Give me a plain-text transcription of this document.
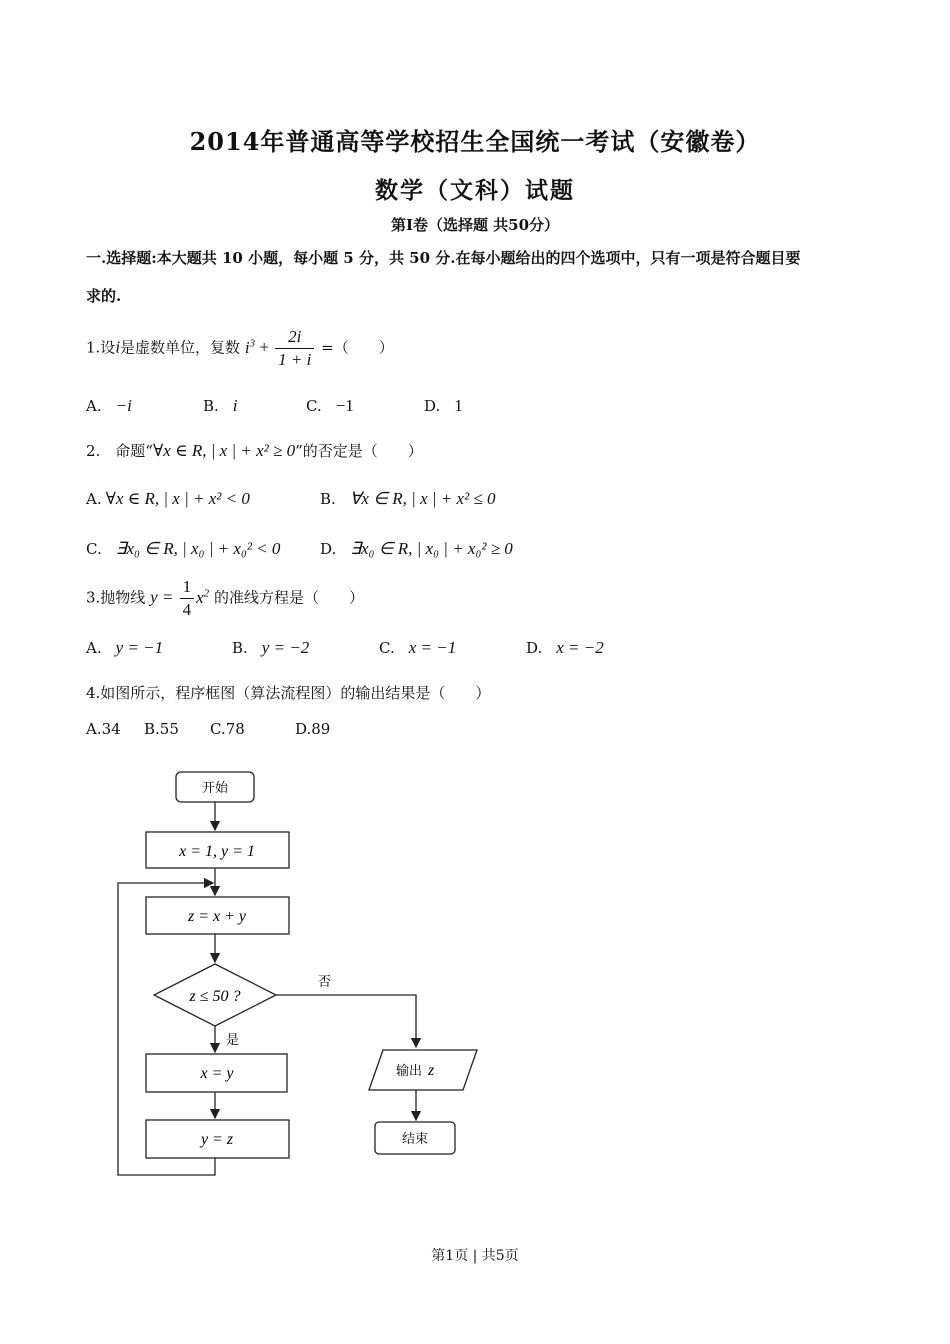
2014年普通高等学校招生全国统一考试（安徽卷）
数学（文科）试题
第Ⅰ卷（选择题 共50分）
一.选择题:本大题共 10 小题，每小题 5 分，共 50 分.在每小题给出的四个选项中，只有一项是符合题目要
求的.
1.设i是虚数单位，复数 $i^3 + \frac{2i}{1 + i}$ =（　　）
A. −i	B. i	C. −1	D. 1
2.　命题“∀x ∈ R, | x | + x² ≥ 0”的否定是（　　）
A. ∀x ∈ R, | x | + x² < 0	B. ∀x ∈ R, | x | + x² ≤ 0
C. ∃x₀ ∈ R, | x₀ | + x₀² < 0	D. ∃x₀ ∈ R, | x₀ | + x₀² ≥ 0
3.抛物线 $y = \frac{1}{4} x^2$ 的准线方程是（　　）
A. y = −1	B. y = −2	C. x = −1	D. x = −2
4.如图所示，程序框图（算法流程图）的输出结果是（　　）
A.34 B.55 C.78	D.89
开始
x = 1, y = 1
z = x + y
z ≤ 50 ?
否
是
x = y
y = z
输出 z
结束
第1页 | 共5页
